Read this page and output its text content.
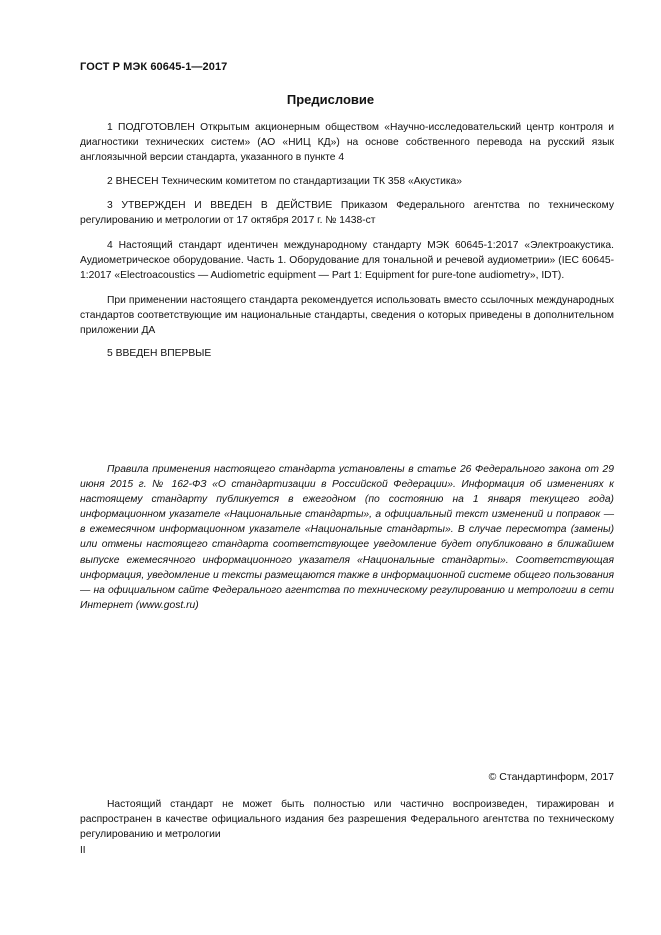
ГОСТ Р МЭК 60645-1—2017
Предисловие

1 ПОДГОТОВЛЕН Открытым акционерным обществом «Научно-исследовательский центр контроля и диагностики технических систем» (АО «НИЦ КД») на основе собственного перевода на русский язык англоязычной версии стандарта, указанного в пункте 4

2 ВНЕСЕН Техническим комитетом по стандартизации ТК 358 «Акустика»

3 УТВЕРЖДЕН И ВВЕДЕН В ДЕЙСТВИЕ Приказом Федерального агентства по техническому регулированию и метрологии от 17 октября 2017 г. № 1438-ст

4 Настоящий стандарт идентичен международному стандарту МЭК 60645-1:2017 «Электроакустика. Аудиометрическое оборудование. Часть 1. Оборудование для тональной и речевой аудиометрии» (IEC 60645-1:2017 «Electroacoustics — Audiometric equipment — Part 1: Equipment for pure-tone audiometry», IDT).

При применении настоящего стандарта рекомендуется использовать вместо ссылочных международных стандартов соответствующие им национальные стандарты, сведения о которых приведены в дополнительном приложении ДА

5 ВВЕДЕН ВПЕРВЫЕ

Правила применения настоящего стандарта установлены в статье 26 Федерального закона от 29 июня 2015 г. № 162-ФЗ «О стандартизации в Российской Федерации». Информация об изменениях к настоящему стандарту публикуется в ежегодном (по состоянию на 1 января текущего года) информационном указателе «Национальные стандарты», а официальный текст изменений и поправок — в ежемесячном информационном указателе «Национальные стандарты». В случае пересмотра (замены) или отмены настоящего стандарта соответствующее уведомление будет опубликовано в ближайшем выпуске ежемесячного информационного указателя «Национальные стандарты». Соответствующая информация, уведомление и тексты размещаются также в информационной системе общего пользования — на официальном сайте Федерального агентства по техническому регулированию и метрологии в сети Интернет (www.gost.ru)

© Стандартинформ, 2017

Настоящий стандарт не может быть полностью или частично воспроизведен, тиражирован и распространен в качестве официального издания без разрешения Федерального агентства по техническому регулированию и метрологии

II
